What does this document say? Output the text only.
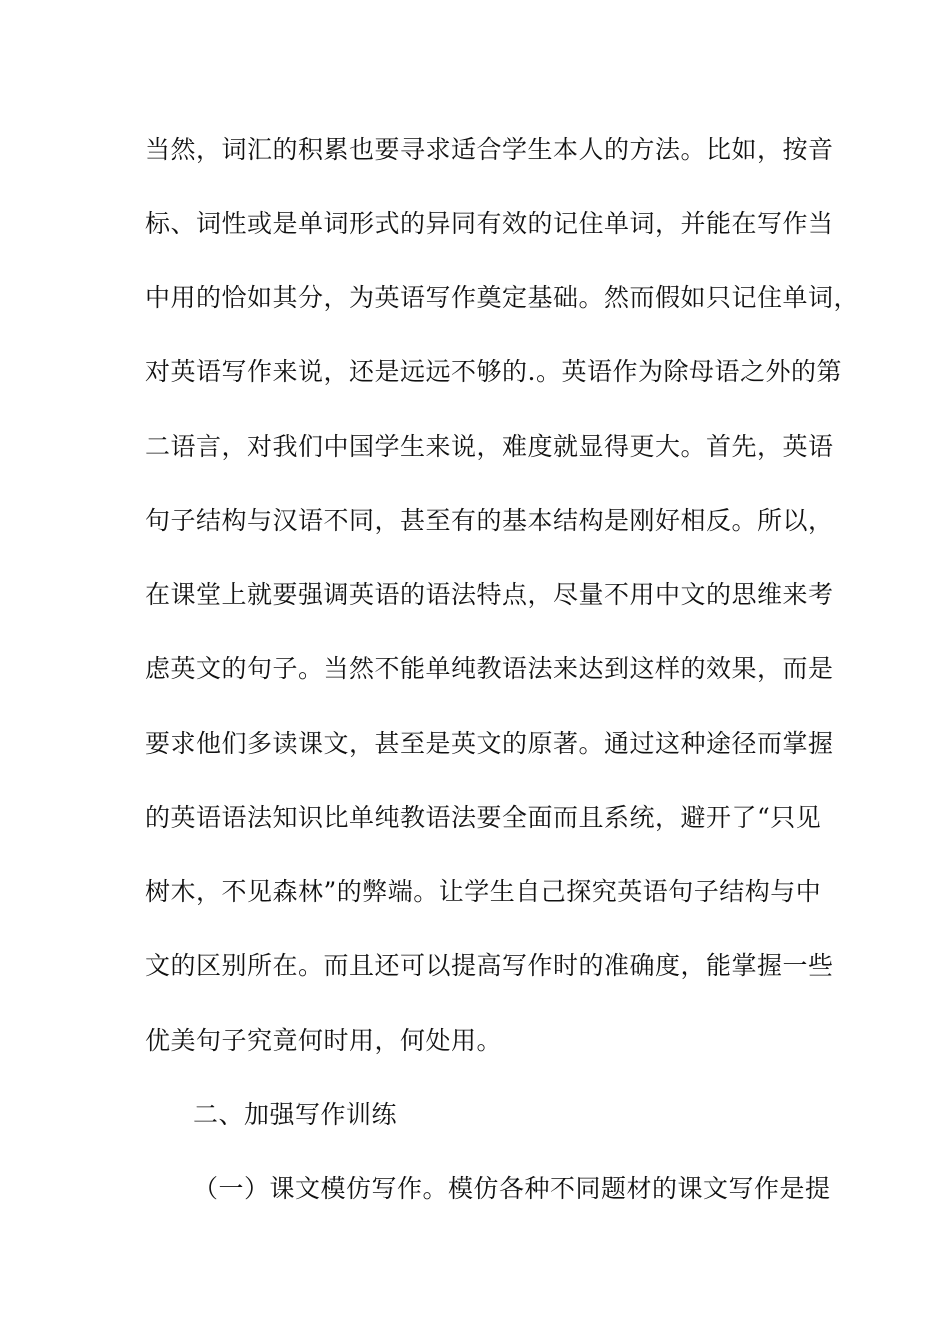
当然，词汇的积累也要寻求适合学生本人的方法。比如，按音
标、词性或是单词形式的异同有效的记住单词，并能在写作当
中用的恰如其分，为英语写作奠定基础。然而假如只记住单词，
对英语写作来说，还是远远不够的.。英语作为除母语之外的第
二语言，对我们中国学生来说，难度就显得更大。首先，英语
句子结构与汉语不同，甚至有的基本结构是刚好相反。所以，
在课堂上就要强调英语的语法特点，尽量不用中文的思维来考
虑英文的句子。当然不能单纯教语法来达到这样的效果，而是
要求他们多读课文，甚至是英文的原著。通过这种途径而掌握
的英语语法知识比单纯教语法要全面而且系统，避开了“只见
树木，不见森林”的弊端。让学生自己探究英语句子结构与中
文的区别所在。而且还可以提高写作时的准确度，能掌握一些
优美句子究竟何时用，何处用。
二、加强写作训练
（一）课文模仿写作。模仿各种不同题材的课文写作是提
